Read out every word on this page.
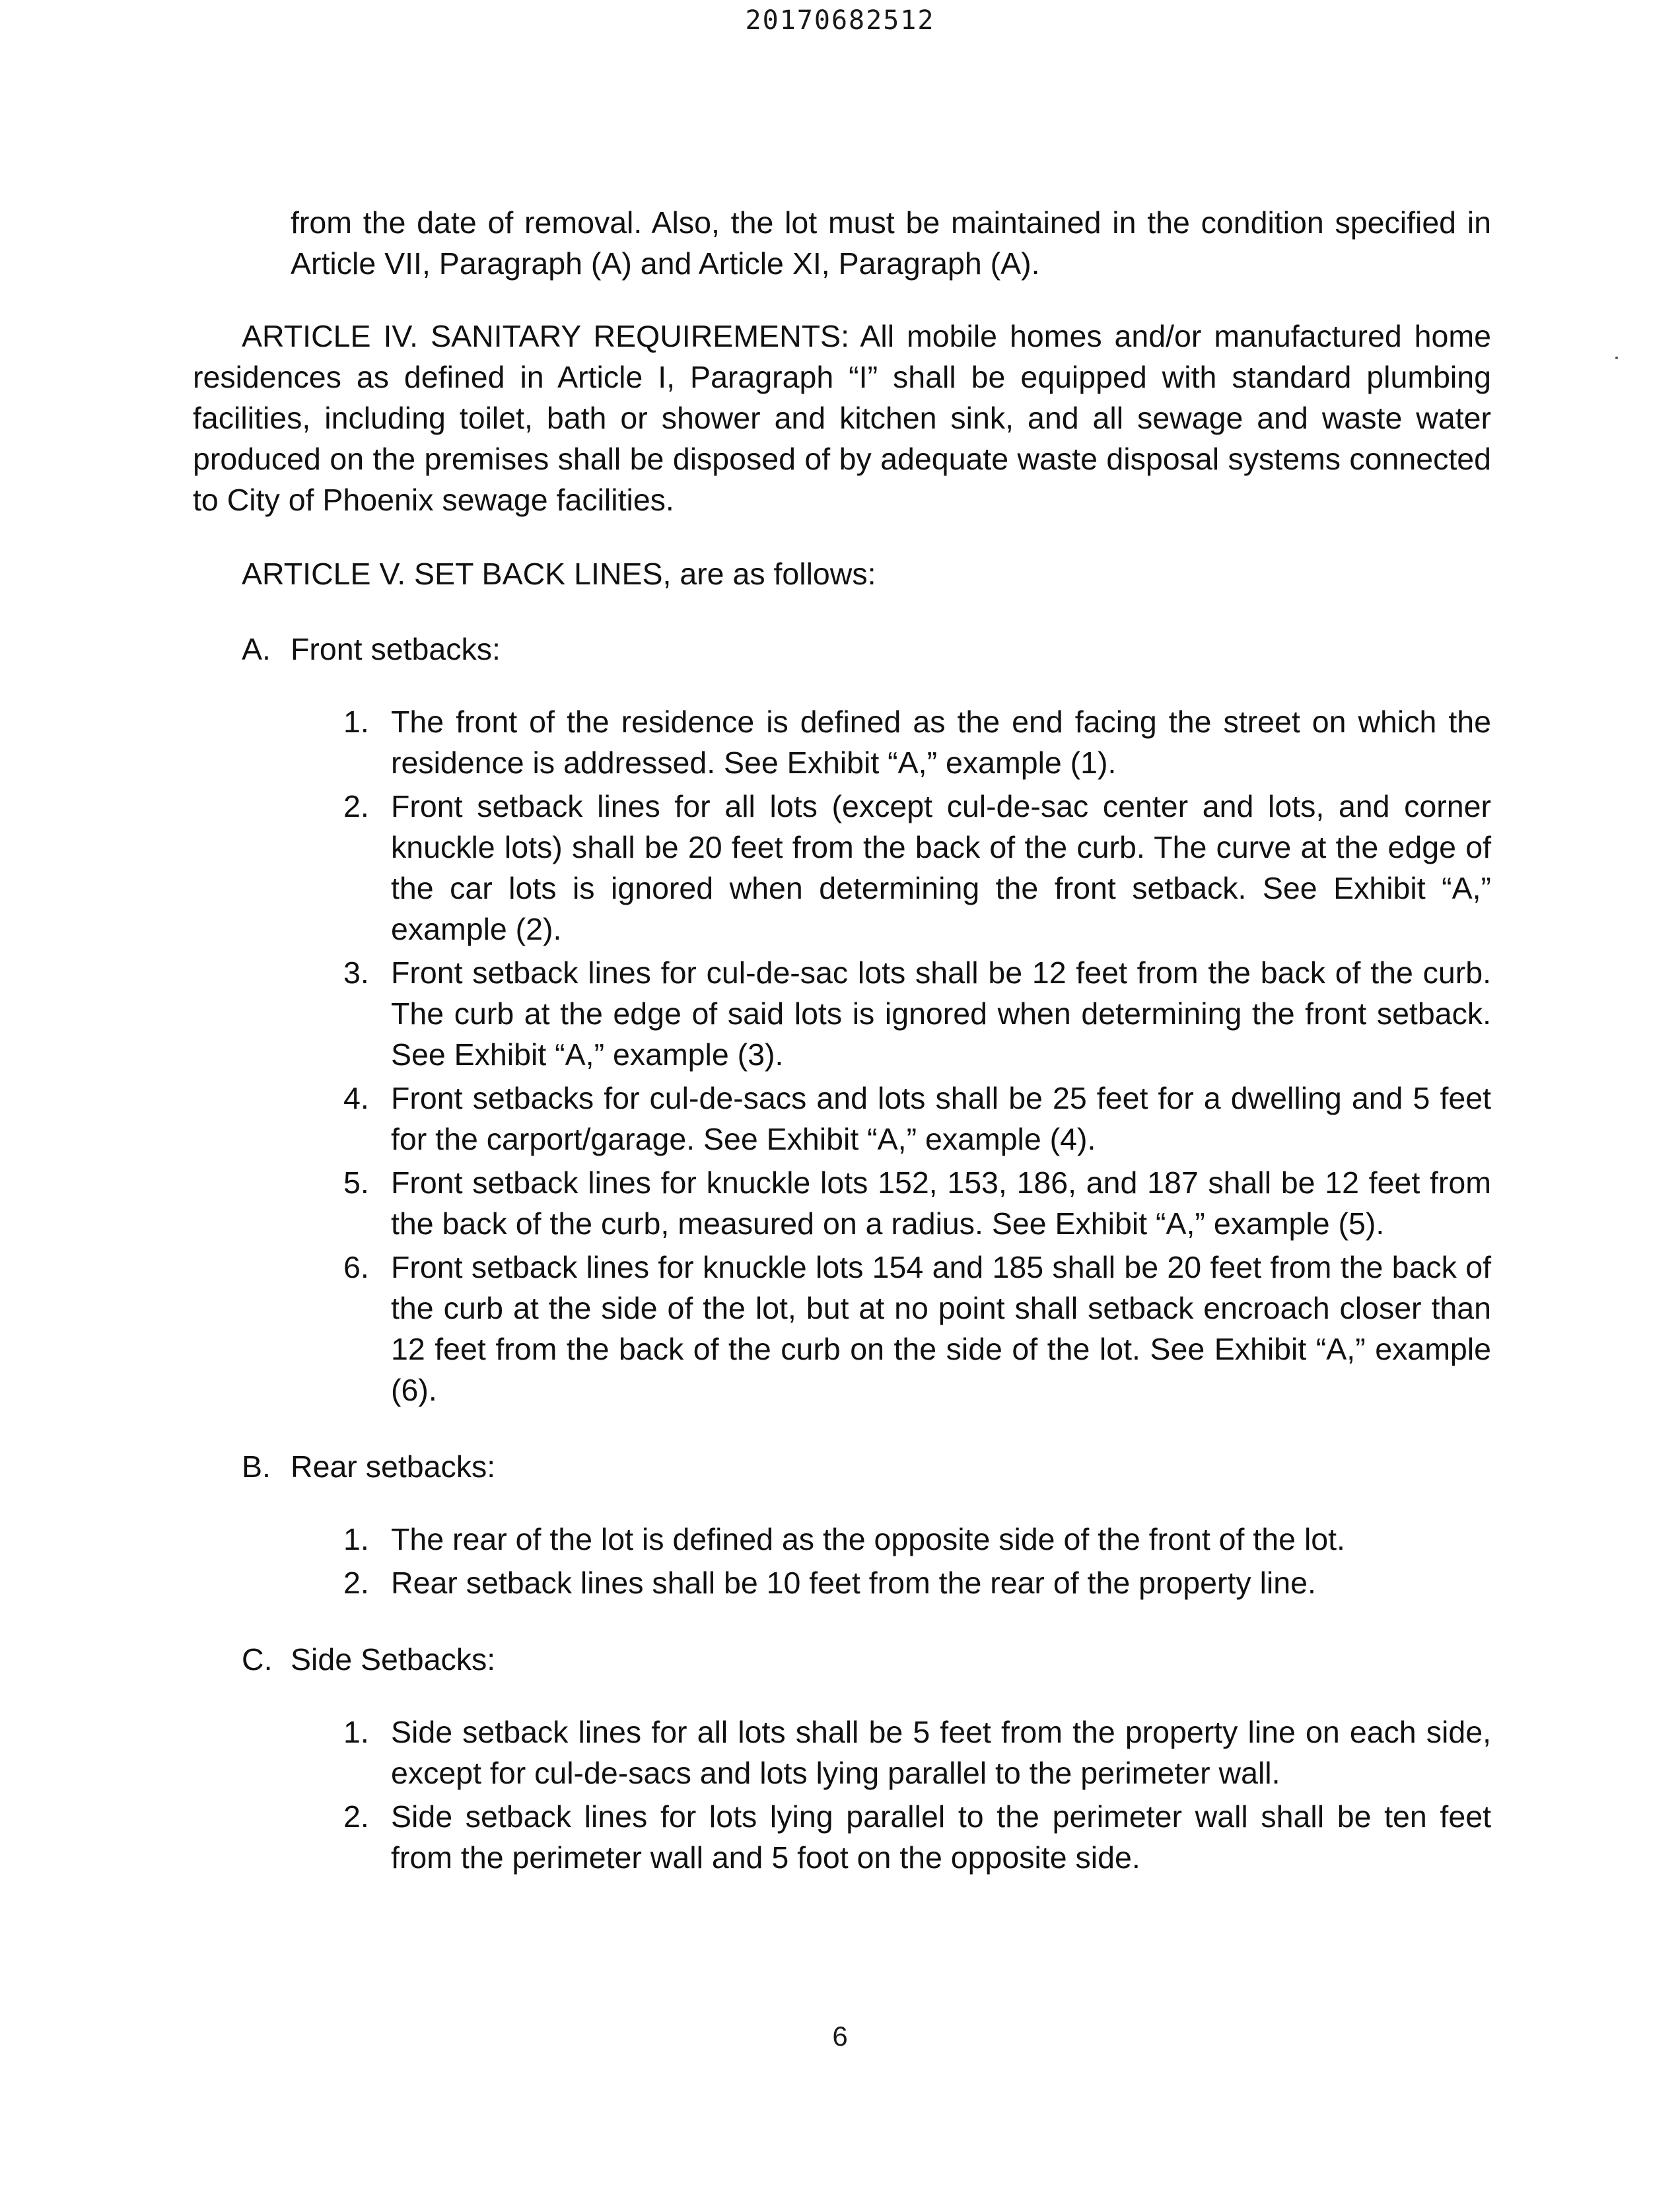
20170682512

from the date of removal. Also, the lot must be maintained in the condition specified in Article VII, Paragraph (A) and Article XI, Paragraph (A).

ARTICLE IV. SANITARY REQUIREMENTS: All mobile homes and/or manufactured home residences as defined in Article I, Paragraph “I” shall be equipped with standard plumbing facilities, including toilet, bath or shower and kitchen sink, and all sewage and waste water produced on the premises shall be disposed of by adequate waste disposal systems connected to City of Phoenix sewage facilities.

ARTICLE V. SET BACK LINES, are as follows:

A. Front setbacks:

1. The front of the residence is defined as the end facing the street on which the residence is addressed. See Exhibit “A,” example (1).
2. Front setback lines for all lots (except cul-de-sac center and lots, and corner knuckle lots) shall be 20 feet from the back of the curb. The curve at the edge of the car lots is ignored when determining the front setback. See Exhibit “A,” example (2).
3. Front setback lines for cul-de-sac lots shall be 12 feet from the back of the curb. The curb at the edge of said lots is ignored when determining the front setback. See Exhibit “A,” example (3).
4. Front setbacks for cul-de-sacs and lots shall be 25 feet for a dwelling and 5 feet for the carport/garage. See Exhibit “A,” example (4).
5. Front setback lines for knuckle lots 152, 153, 186, and 187 shall be 12 feet from the back of the curb, measured on a radius. See Exhibit “A,” example (5).
6. Front setback lines for knuckle lots 154 and 185 shall be 20 feet from the back of the curb at the side of the lot, but at no point shall setback encroach closer than 12 feet from the back of the curb on the side of the lot. See Exhibit “A,” example (6).

B. Rear setbacks:

1. The rear of the lot is defined as the opposite side of the front of the lot.
2. Rear setback lines shall be 10 feet from the rear of the property line.

C. Side Setbacks:

1. Side setback lines for all lots shall be 5 feet from the property line on each side, except for cul-de-sacs and lots lying parallel to the perimeter wall.
2. Side setback lines for lots lying parallel to the perimeter wall shall be ten feet from the perimeter wall and 5 foot on the opposite side.
6
